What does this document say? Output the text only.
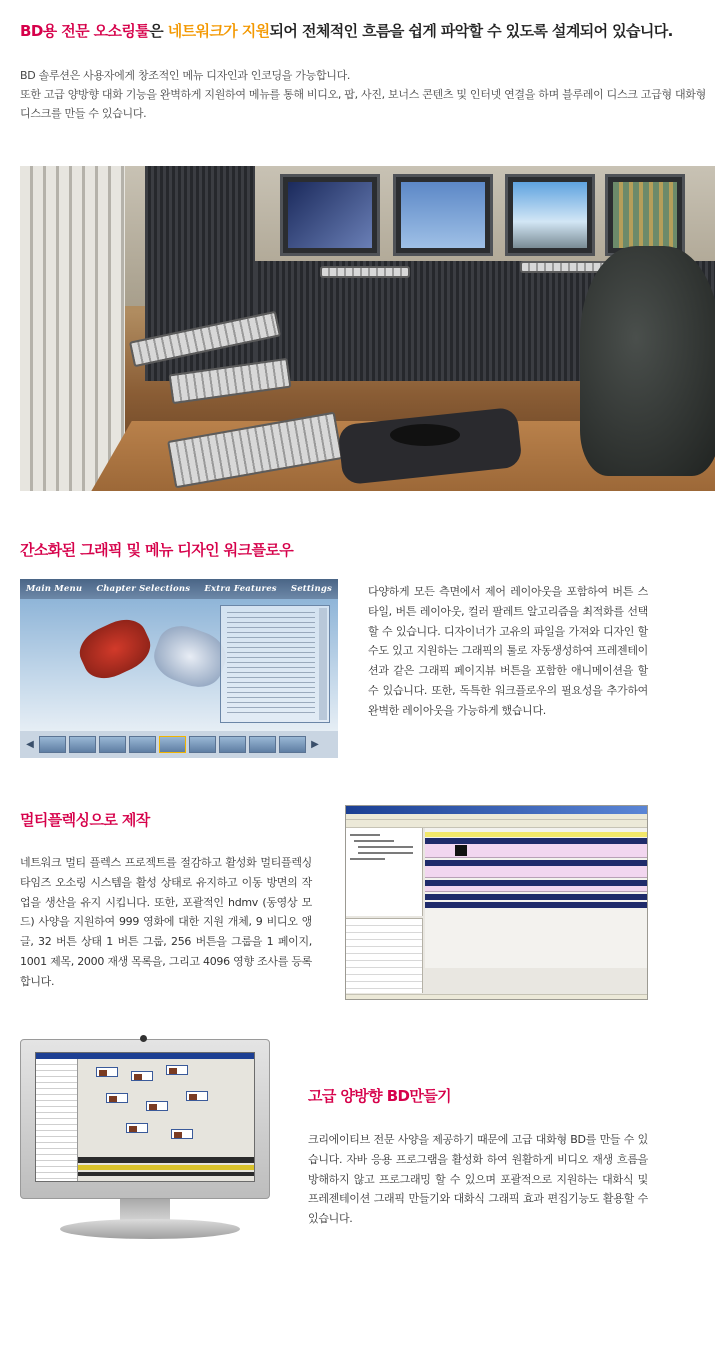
BD용 전문 오소링툴은 네트워크가 지원되어 전체적인 흐름을 쉽게 파악할 수 있도록 설계되어 있습니다.
BD 솔루션은 사용자에게 창조적인 메뉴 디자인과 인코딩을 가능합니다.
또한 고급 양방향 대화 기능을 완벽하게 지원하여 메뉴를 통해 비디오, 팝, 사진, 보너스 콘텐츠 및 인터넷 연결을 하며 블루레이 디스크 고급형 대화형 디스크를 만들 수 있습니다.
간소화된 그래픽 및 메뉴 디자인 워크플로우
Main Menu Chapter Selections Extra Features Settings
◀	▶
다양하게 모든 측면에서 제어 레이아웃을 포함하여 버튼 스타일, 버튼 레이아웃, 컬러 팔레트 알고리즘을 최적화를 선택할 수 있습니다. 디자이너가 고유의 파일을 가져와 디자인 할 수도 있고 지원하는 그래픽의 툴로 자동생성하여 프레젠테이션과 같은 그래픽 페이지뷰 버튼을 포함한 애니메이션을 할 수 있습니다. 또한, 독특한 워크플로우의 필요성을 추가하여 완벽한 레이아웃을 가능하게 했습니다.
멀티플렉싱으로 제작
네트워크 멀티 플렉스 프로젝트를 절감하고 활성화 멀티플렉싱 타임즈 오소링 시스템을 활성 상태로 유지하고 이동 방면의 작업을 생산을 유지 시킵니다. 또한, 포괄적인 hdmv (동영상 모드) 사양을 지원하여 999 영화에 대한 지원 개체, 9 비디오 앵글, 32 버튼 상태 1 버튼 그룹, 256 버튼을 그룹을 1 페이지, 1001 제목, 2000 재생 목록을, 그리고 4096 영향 조사를 등록합니다.
고급 양방향 BD만들기
크리에이티브 전문 사양을 제공하기 때문에 고급 대화형 BD를 만들 수 있습니다. 자바 응용 프로그램을 활성화 하여 원활하게 비디오 재생 흐름을 방해하지 않고 프로그래밍 할 수 있으며 포괄적으로 지원하는 대화식 및 프레젠테이션 그래픽 만들기와 대화식 그래픽 효과 편집기능도 활용할 수 있습니다.
